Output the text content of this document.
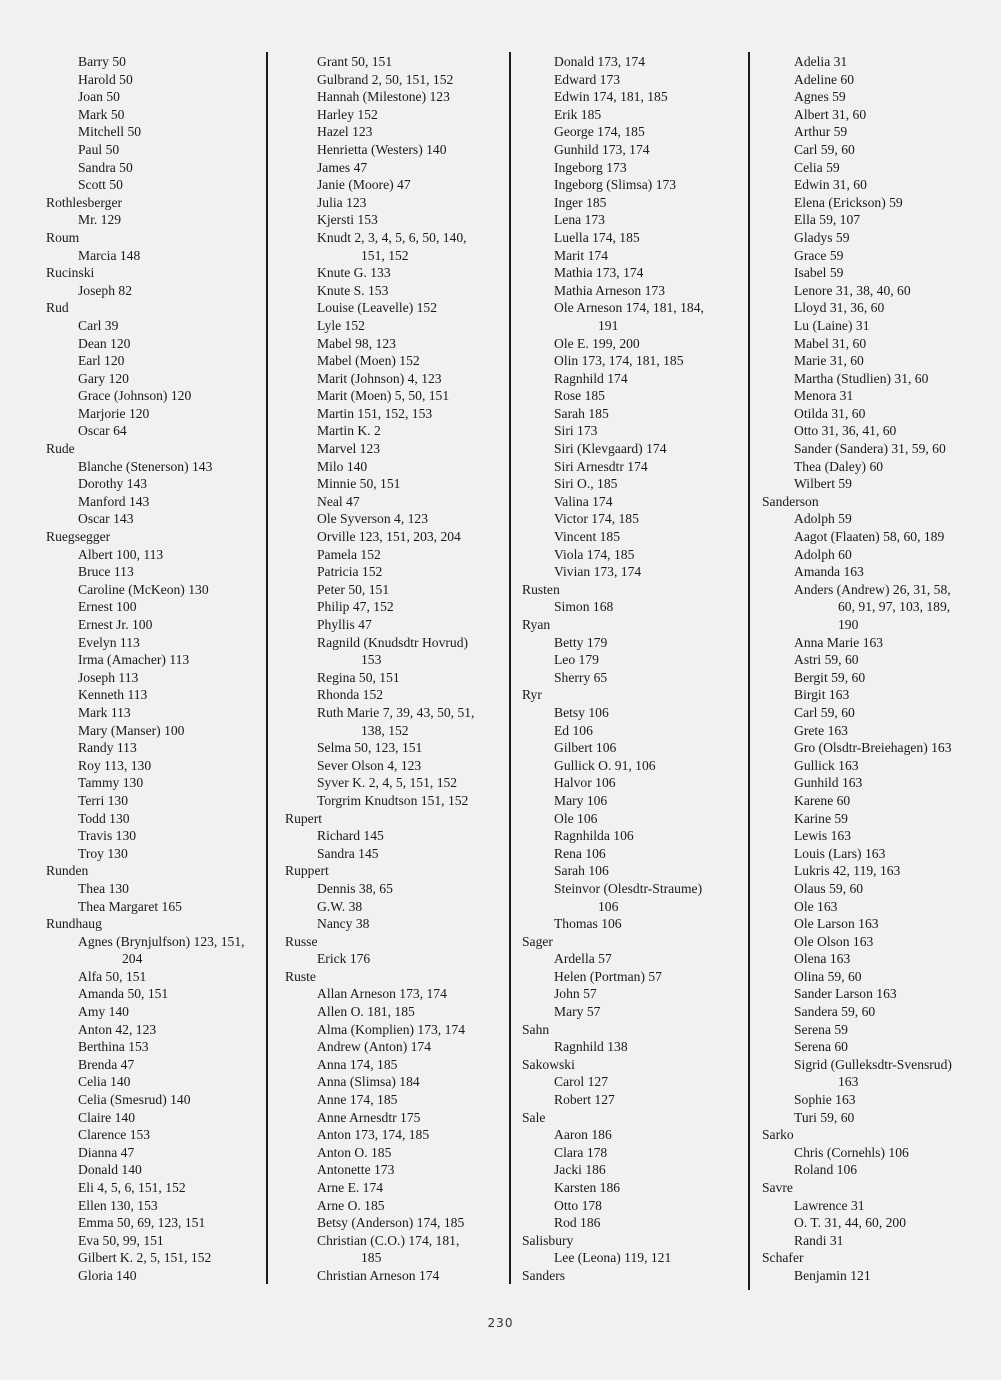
Barry 50
Harold 50
Joan 50
Mark 50
Mitchell 50
Paul 50
Sandra 50
Scott 50
Rothlesberger
Mr. 129
Roum
Marcia 148
Rucinski
Joseph 82
Rud
Carl 39
Dean 120
Earl 120
Gary 120
Grace (Johnson) 120
Marjorie 120
Oscar 64
Rude
Blanche (Stenerson) 143
Dorothy 143
Manford 143
Oscar 143
Ruegsegger
Albert 100, 113
Bruce 113
Caroline (McKeon) 130
Ernest 100
Ernest Jr. 100
Evelyn 113
Irma (Amacher) 113
Joseph 113
Kenneth 113
Mark 113
Mary (Manser) 100
Randy 113
Roy 113, 130
Tammy 130
Terri 130
Todd 130
Travis 130
Troy 130
Runden
Thea 130
Thea Margaret 165
Rundhaug
Agnes (Brynjulfson) 123, 151,
204
Alfa 50, 151
Amanda 50, 151
Amy 140
Anton 42, 123
Berthina 153
Brenda 47
Celia 140
Celia (Smesrud) 140
Claire 140
Clarence 153
Dianna 47
Donald 140
Eli 4, 5, 6, 151, 152
Ellen 130, 153
Emma 50, 69, 123, 151
Eva 50, 99, 151
Gilbert K. 2, 5, 151, 152
Gloria 140
Grant 50, 151
Gulbrand 2, 50, 151, 152
Hannah (Milestone) 123
Harley 152
Hazel 123
Henrietta (Westers) 140
James 47
Janie (Moore) 47
Julia 123
Kjersti 153
Knudt 2, 3, 4, 5, 6, 50, 140,
151, 152
Knute G. 133
Knute S. 153
Louise (Leavelle) 152
Lyle 152
Mabel 98, 123
Mabel (Moen) 152
Marit (Johnson) 4, 123
Marit (Moen) 5, 50, 151
Martin 151, 152, 153
Martin K. 2
Marvel 123
Milo 140
Minnie 50, 151
Neal 47
Ole Syverson 4, 123
Orville 123, 151, 203, 204
Pamela 152
Patricia 152
Peter 50, 151
Philip 47, 152
Phyllis 47
Ragnild (Knudsdtr Hovrud)
153
Regina 50, 151
Rhonda 152
Ruth Marie 7, 39, 43, 50, 51,
138, 152
Selma 50, 123, 151
Sever Olson 4, 123
Syver K. 2, 4, 5, 151, 152
Torgrim Knudtson 151, 152
Rupert
Richard 145
Sandra 145
Ruppert
Dennis 38, 65
G.W. 38
Nancy 38
Russe
Erick 176
Ruste
Allan Arneson 173, 174
Allen O. 181, 185
Alma (Komplien) 173, 174
Andrew (Anton) 174
Anna 174, 185
Anna (Slimsa) 184
Anne 174, 185
Anne Arnesdtr 175
Anton 173, 174, 185
Anton O. 185
Antonette 173
Arne E. 174
Arne O. 185
Betsy (Anderson) 174, 185
Christian (C.O.) 174, 181,
185
Christian Arneson 174
Donald 173, 174
Edward 173
Edwin 174, 181, 185
Erik 185
George 174, 185
Gunhild 173, 174
Ingeborg 173
Ingeborg (Slimsa) 173
Inger 185
Lena 173
Luella 174, 185
Marit 174
Mathia 173, 174
Mathia Arneson 173
Ole Arneson 174, 181, 184,
191
Ole E. 199, 200
Olin 173, 174, 181, 185
Ragnhild 174
Rose 185
Sarah 185
Siri 173
Siri (Klevgaard) 174
Siri Arnesdtr 174
Siri O., 185
Valina 174
Victor 174, 185
Vincent 185
Viola 174, 185
Vivian 173, 174
Rusten
Simon 168
Ryan
Betty 179
Leo 179
Sherry 65
Ryr
Betsy 106
Ed 106
Gilbert 106
Gullick O. 91, 106
Halvor 106
Mary 106
Ole 106
Ragnhilda 106
Rena 106
Sarah 106
Steinvor (Olesdtr-Straume)
106
Thomas 106
Sager
Ardella 57
Helen (Portman) 57
John 57
Mary 57
Sahn
Ragnhild 138
Sakowski
Carol 127
Robert 127
Sale
Aaron 186
Clara 178
Jacki 186
Karsten 186
Otto 178
Rod 186
Salisbury
Lee (Leona) 119, 121
Sanders
Adelia 31
Adeline 60
Agnes 59
Albert 31, 60
Arthur 59
Carl 59, 60
Celia 59
Edwin 31, 60
Elena (Erickson) 59
Ella 59, 107
Gladys 59
Grace 59
Isabel 59
Lenore 31, 38, 40, 60
Lloyd 31, 36, 60
Lu (Laine) 31
Mabel 31, 60
Marie 31, 60
Martha (Studlien) 31, 60
Menora 31
Otilda 31, 60
Otto 31, 36, 41, 60
Sander (Sandera) 31, 59, 60
Thea (Daley) 60
Wilbert 59
Sanderson
Adolph 59
Aagot (Flaaten) 58, 60, 189
Adolph 60
Amanda 163
Anders (Andrew) 26, 31, 58,
60, 91, 97, 103, 189,
190
Anna Marie 163
Astri 59, 60
Bergit 59, 60
Birgit 163
Carl 59, 60
Grete 163
Gro (Olsdtr-Breiehagen) 163
Gullick 163
Gunhild 163
Karene 60
Karine 59
Lewis 163
Louis (Lars) 163
Lukris 42, 119, 163
Olaus 59, 60
Ole 163
Ole Larson 163
Ole Olson 163
Olena 163
Olina 59, 60
Sander Larson 163
Sandera 59, 60
Serena 59
Serena 60
Sigrid (Gulleksdtr-Svensrud)
163
Sophie 163
Turi 59, 60
Sarko
Chris (Cornehls) 106
Roland 106
Savre
Lawrence 31
O. T. 31, 44, 60, 200
Randi 31
Schafer
Benjamin 121
230
